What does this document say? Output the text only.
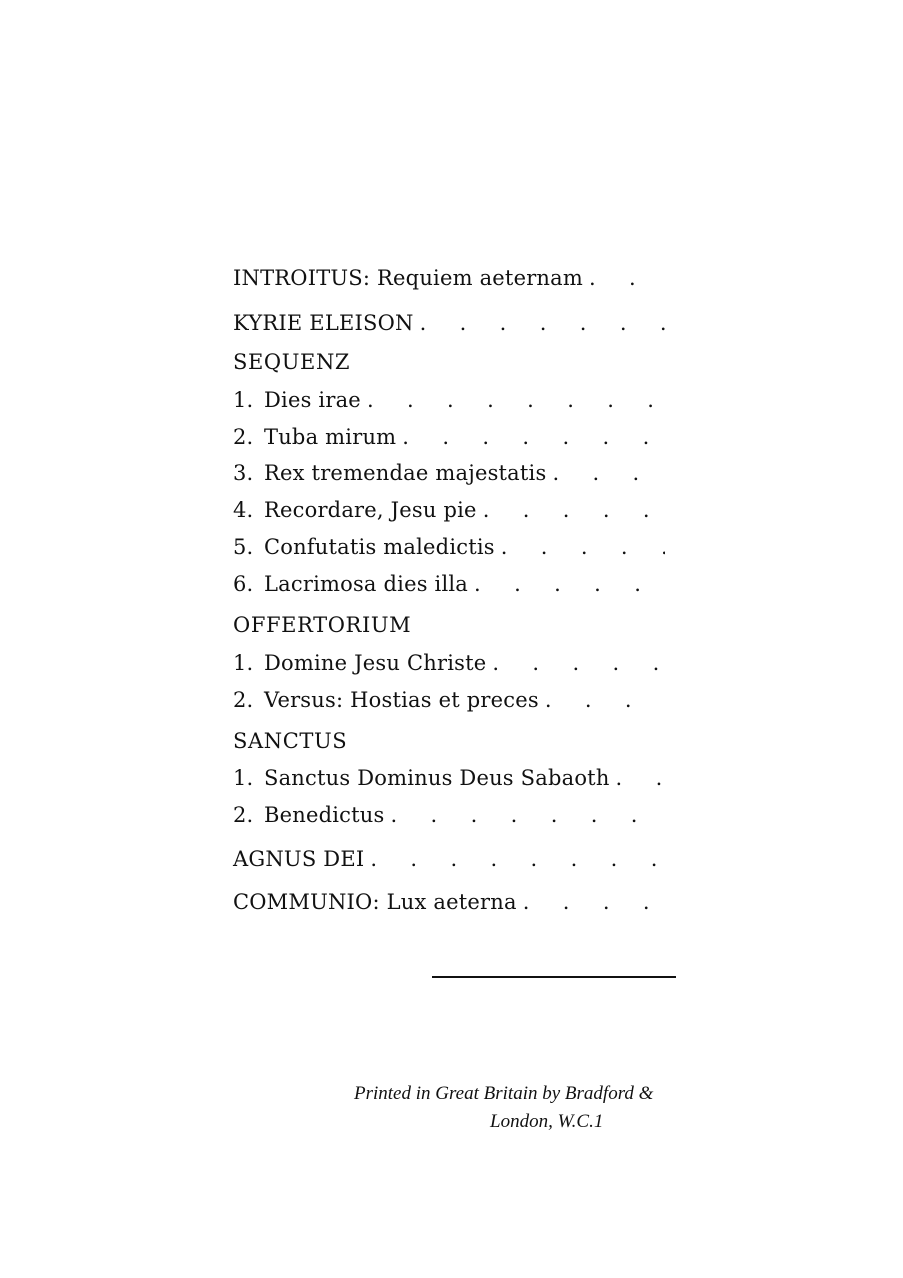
INTROITUS: Requiem aeternam
.
KYRIE ELEISON
.
SEQUENZ
1. Dies irae
.
2. Tuba mirum
.
3. Rex tremendae majestatis
.
4. Recordare, Jesu pie
.
5. Confutatis maledictis
.
6. Lacrimosa dies illa
.
OFFERTORIUM
1. Domine Jesu Christe
.
2. Versus: Hostias et preces
.
SANCTUS
1. Sanctus Dominus Deus Sabaoth
.
2. Benedictus
.
AGNUS DEI
.
COMMUNIO: Lux aeterna
.
Printed in Great Britain by Bradford &
London, W.C.1
